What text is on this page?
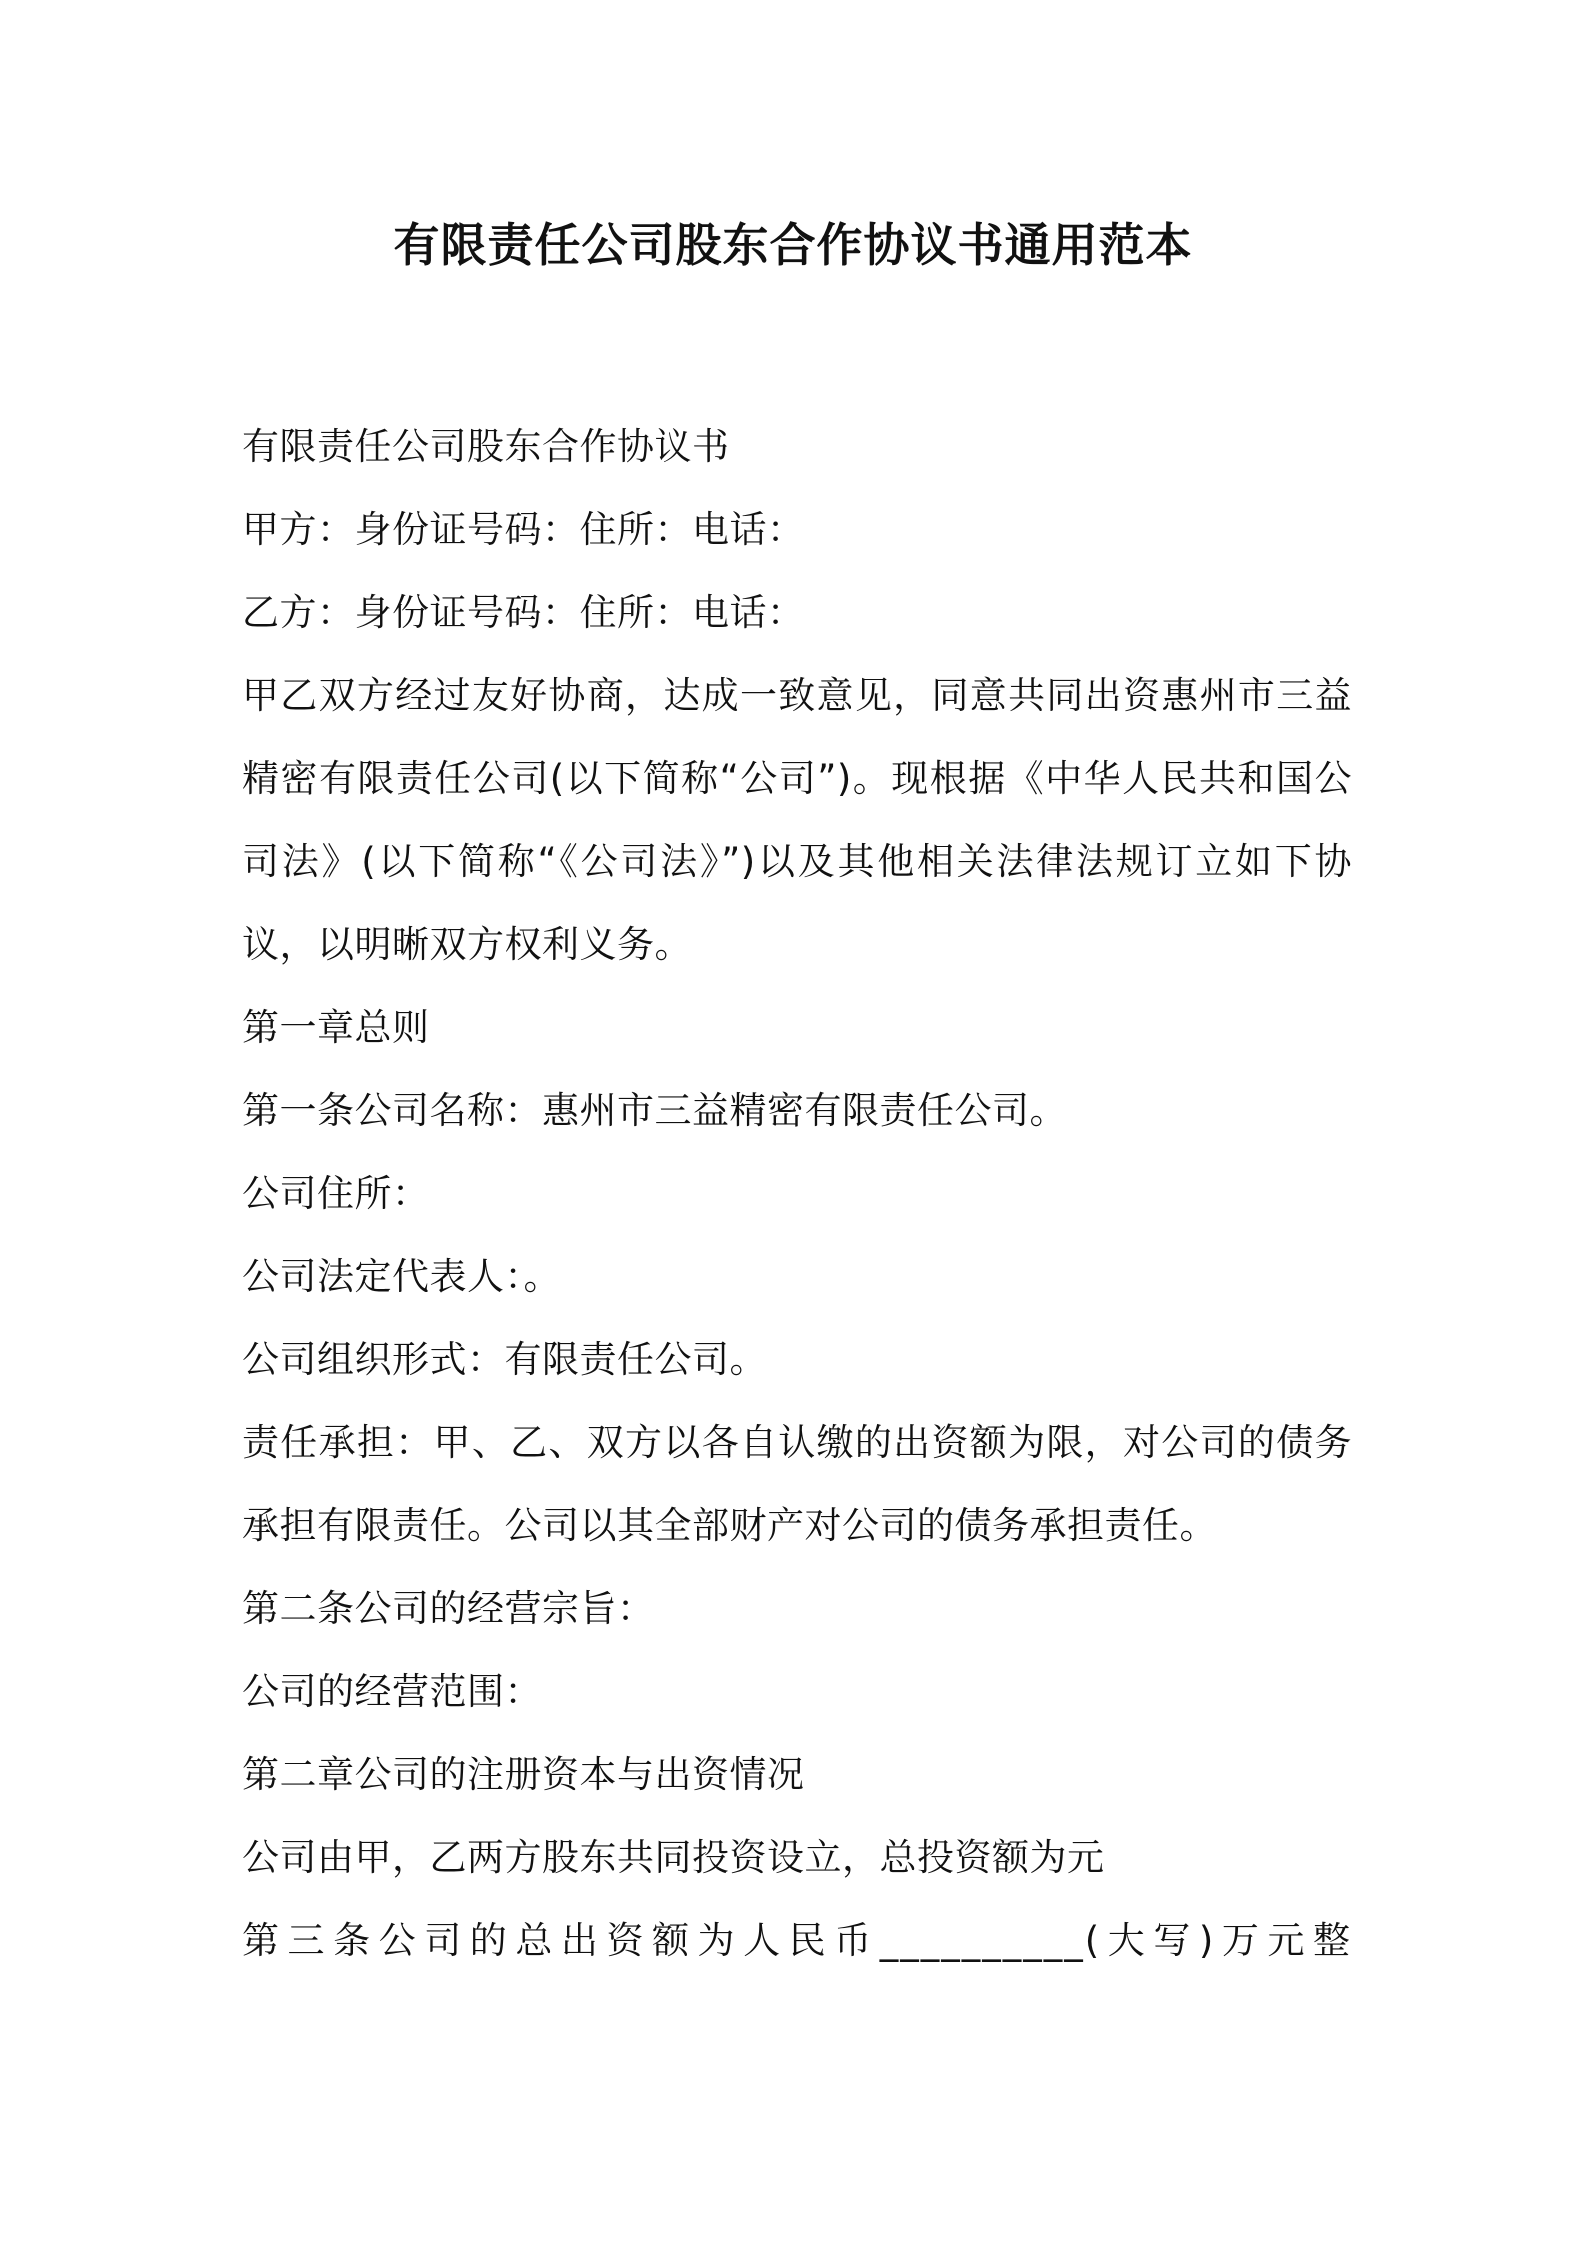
有限责任公司股东合作协议书通用范本

有限责任公司股东合作协议书

甲方：身份证号码：住所：电话：

乙方：身份证号码：住所：电话：

甲乙双方经过友好协商，达成一致意见，同意共同出资惠州市三益精密有限责任公司(以下简称“公司”)。现根据《中华人民共和国公司法》(以下简称“《公司法》”)以及其他相关法律法规订立如下协议，以明晰双方权利义务。

第一章总则

第一条公司名称：惠州市三益精密有限责任公司。

公司住所：

公司法定代表人：。

公司组织形式：有限责任公司。

责任承担：甲、乙、双方以各自认缴的出资额为限，对公司的债务承担有限责任。公司以其全部财产对公司的债务承担责任。

第二条公司的经营宗旨：

公司的经营范围：

第二章公司的注册资本与出资情况

公司由甲，乙两方股东共同投资设立，总投资额为元

第三条公司的总出资额为人民币__________(大写)万元整
